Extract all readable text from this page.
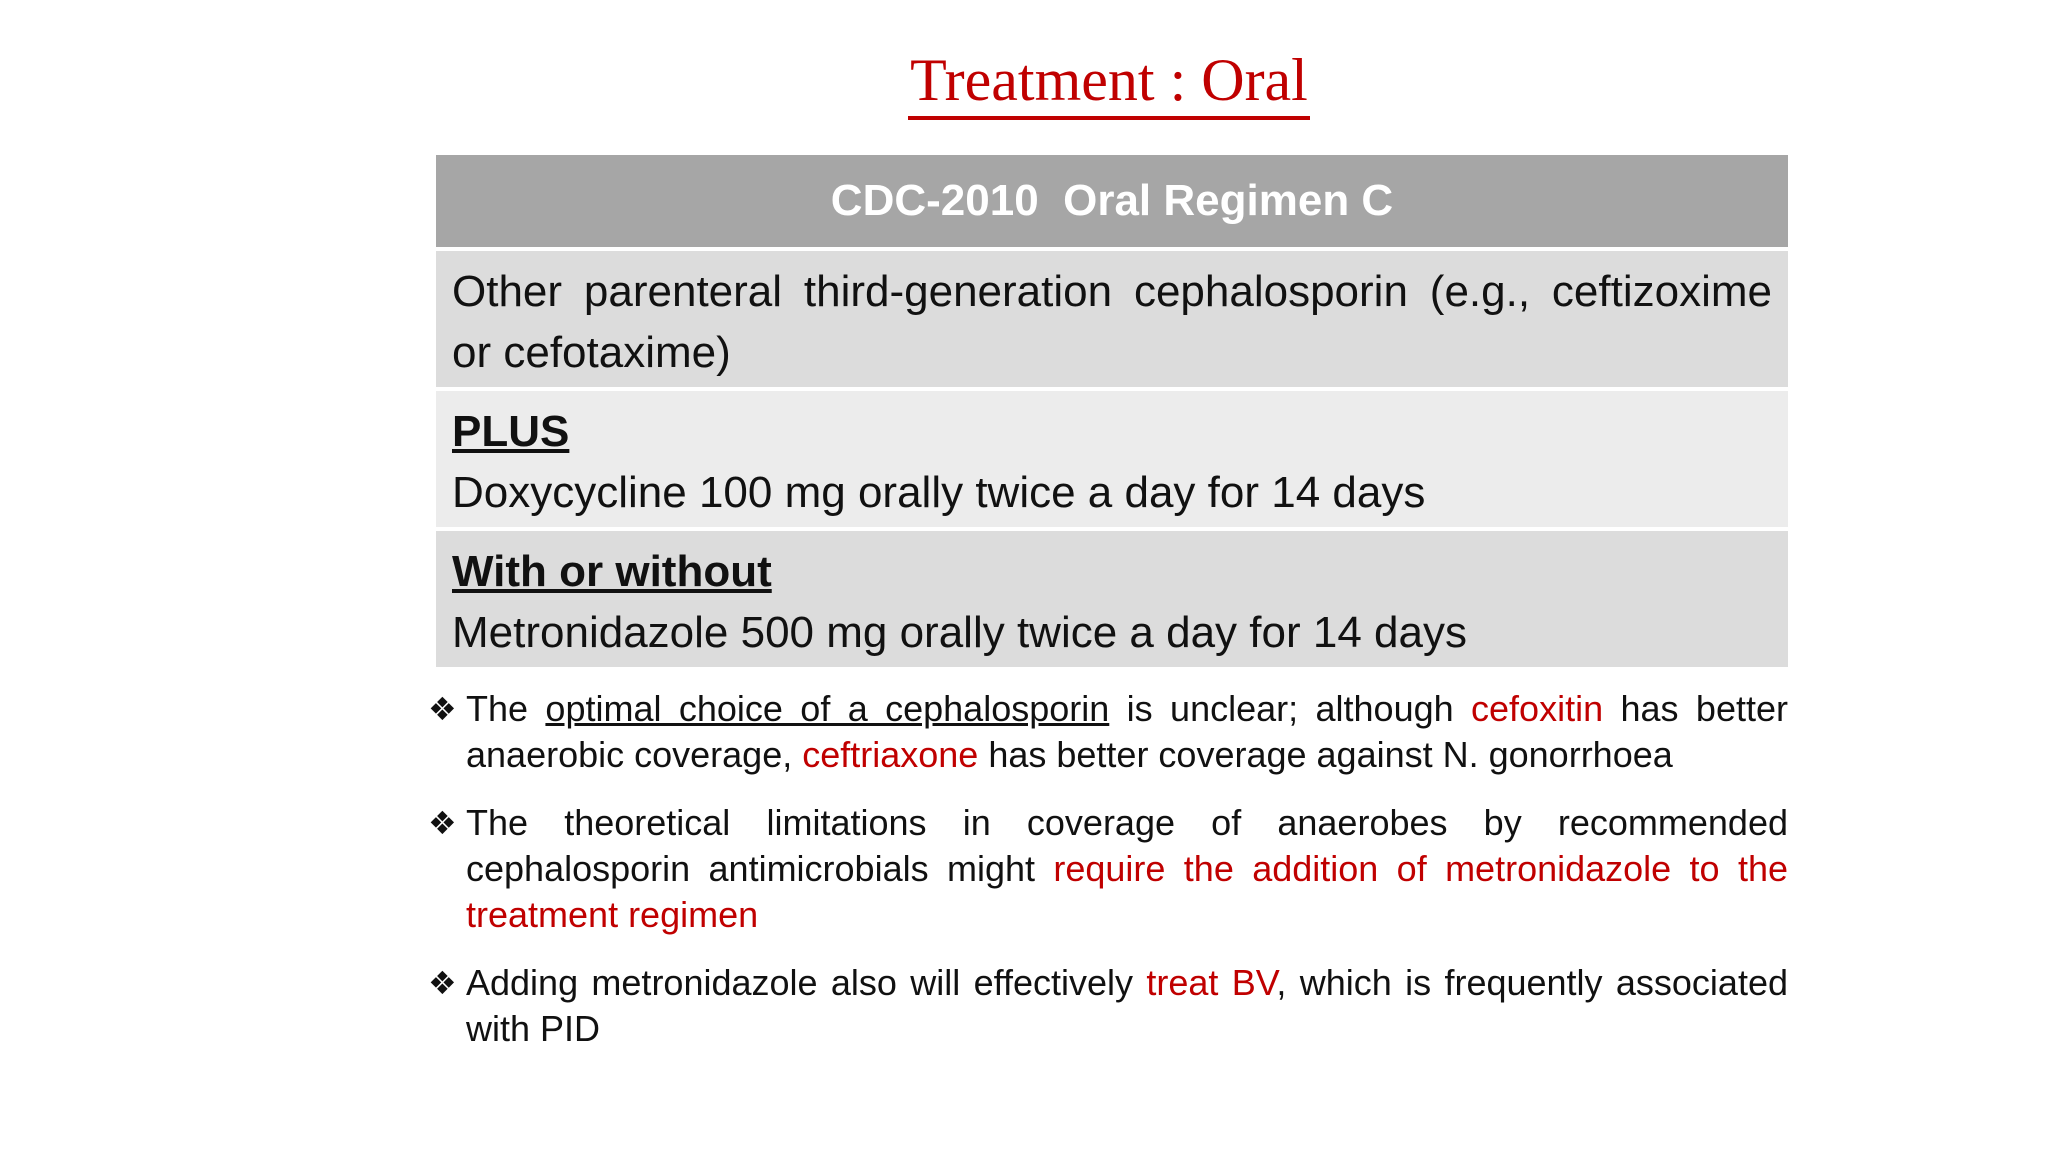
Treatment : Oral
CDC-2010  Oral Regimen C
Other parenteral third-generation cephalosporin (e.g., ceftizoxime or cefotaxime)
PLUS
Doxycycline 100 mg orally twice a day for 14 days
With or without
Metronidazole 500 mg orally twice a day for 14 days
❖ The optimal choice of a cephalosporin is unclear; although cefoxitin has better anaerobic coverage, ceftriaxone has better coverage against N. gonorrhoea
❖ The theoretical limitations in coverage of anaerobes by recommended cephalosporin antimicrobials might require the addition of metronidazole to the treatment regimen
❖ Adding metronidazole also will effectively treat BV, which is frequently associated with PID
